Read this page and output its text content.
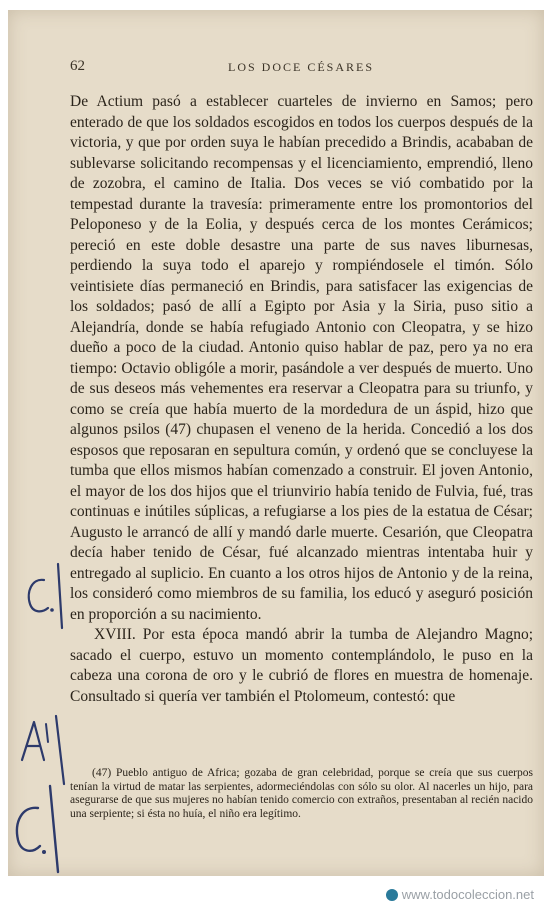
62	LOS DOCE CÉSARES

De Actium pasó a establecer cuarteles de invierno en Samos; pero enterado de que los soldados escogidos en todos los cuerpos después de la victoria, y que por orden suya le habían precedido a Brindis, acababan de sublevarse solicitando recompensas y el licenciamiento, emprendió, lleno de zozobra, el camino de Italia. Dos veces se vió combatido por la tempestad durante la travesía: primeramente entre los promontorios del Peloponeso y de la Eolia, y después cerca de los montes Cerámicos; pereció en este doble desastre una parte de sus naves liburnesas, perdiendo la suya todo el aparejo y rompiéndosele el timón. Sólo veintisiete días permaneció en Brindis, para satisfacer las exigencias de los soldados; pasó de allí a Egipto por Asia y la Siria, puso sitio a Alejandría, donde se había refugiado Antonio con Cleopatra, y se hizo dueño a poco de la ciudad. Antonio quiso hablar de paz, pero ya no era tiempo: Octavio obligóle a morir, pasándole a ver después de muerto. Uno de sus deseos más vehementes era reservar a Cleopatra para su triunfo, y como se creía que había muerto de la mordedura de un áspid, hizo que algunos psilos (47) chupasen el veneno de la herida. Concedió a los dos esposos que reposaran en sepultura común, y ordenó que se concluyese la tumba que ellos mismos habían comenzado a construir. El joven Antonio, el mayor de los dos hijos que el triunvirio había tenido de Fulvia, fué, tras continuas e inútiles súplicas, a refugiarse a los pies de la estatua de César; Augusto le arrancó de allí y mandó darle muerte. Cesarión, que Cleopatra decía haber tenido de César, fué alcanzado mientras intentaba huir y entregado al suplicio. En cuanto a los otros hijos de Antonio y de la reina, los consideró como miembros de su familia, los educó y aseguró posición en proporción a su nacimiento.

XVIII. Por esta época mandó abrir la tumba de Alejandro Magno; sacado el cuerpo, estuvo un momento contemplándolo, le puso en la cabeza una corona de oro y le cubrió de flores en muestra de homenaje. Consultado si quería ver también el Ptolomeum, contestó: que

(47) Pueblo antiguo de Africa; gozaba de gran celebridad, porque se creía que sus cuerpos tenían la virtud de matar las serpientes, adormeciéndolas con sólo su olor. Al nacerles un hijo, para asegurarse de que sus mujeres no habían tenido comercio con extraños, presentaban al recién nacido una serpiente; si ésta no huía, el niño era legítimo.

www.todocoleccion.net
